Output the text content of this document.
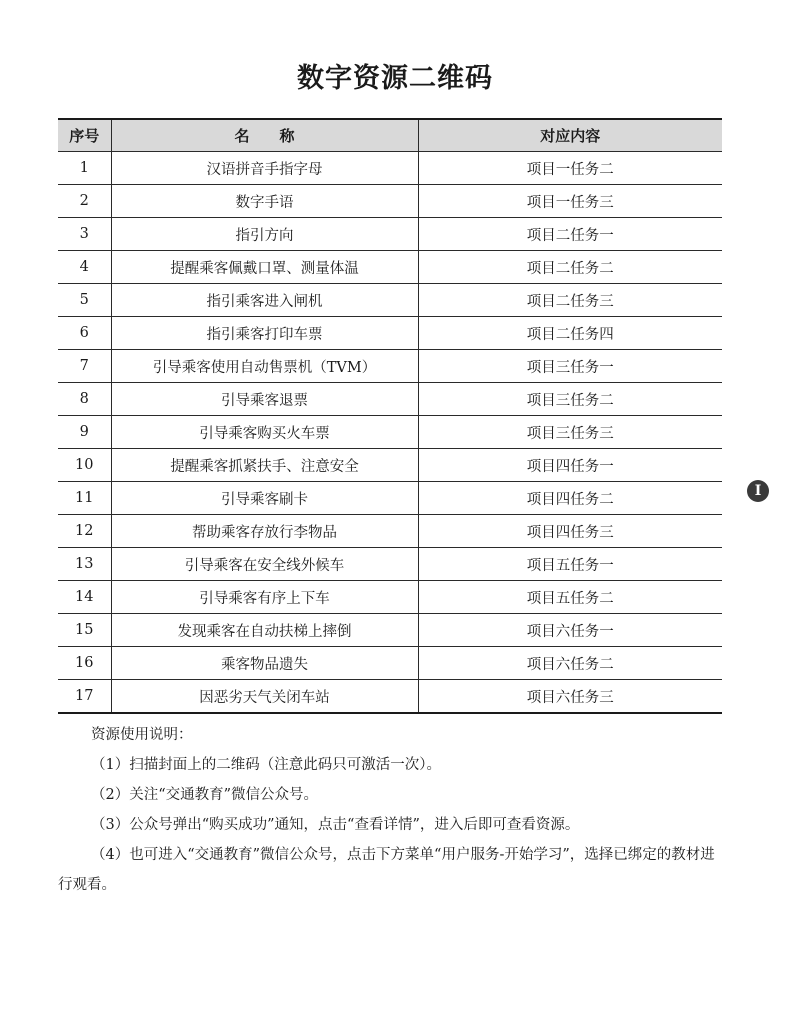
数字资源二维码
序号	名　　称	对应内容
1	汉语拼音手指字母	项目一任务二
2	数字手语	项目一任务三
3	指引方向	项目二任务一
4	提醒乘客佩戴口罩、测量体温	项目二任务二
5	指引乘客进入闸机	项目二任务三
6	指引乘客打印车票	项目二任务四
7	引导乘客使用自动售票机（TVM）	项目三任务一
8	引导乘客退票	项目三任务二
9	引导乘客购买火车票	项目三任务三
10	提醒乘客抓紧扶手、注意安全	项目四任务一
11	引导乘客刷卡	项目四任务二
12	帮助乘客存放行李物品	项目四任务三
13	引导乘客在安全线外候车	项目五任务一
14	引导乘客有序上下车	项目五任务二
15	发现乘客在自动扶梯上摔倒	项目六任务一
16	乘客物品遗失	项目六任务二
17	因恶劣天气关闭车站	项目六任务三

资源使用说明：

（1）扫描封面上的二维码（注意此码只可激活一次）。

（2）关注“交通教育”微信公众号。

（3）公众号弹出“购买成功”通知，点击“查看详情”，进入后即可查看资源。

（4）也可进入“交通教育”微信公众号，点击下方菜单“用户服务-开始学习”，选择已绑定的教材进行观看。

I
